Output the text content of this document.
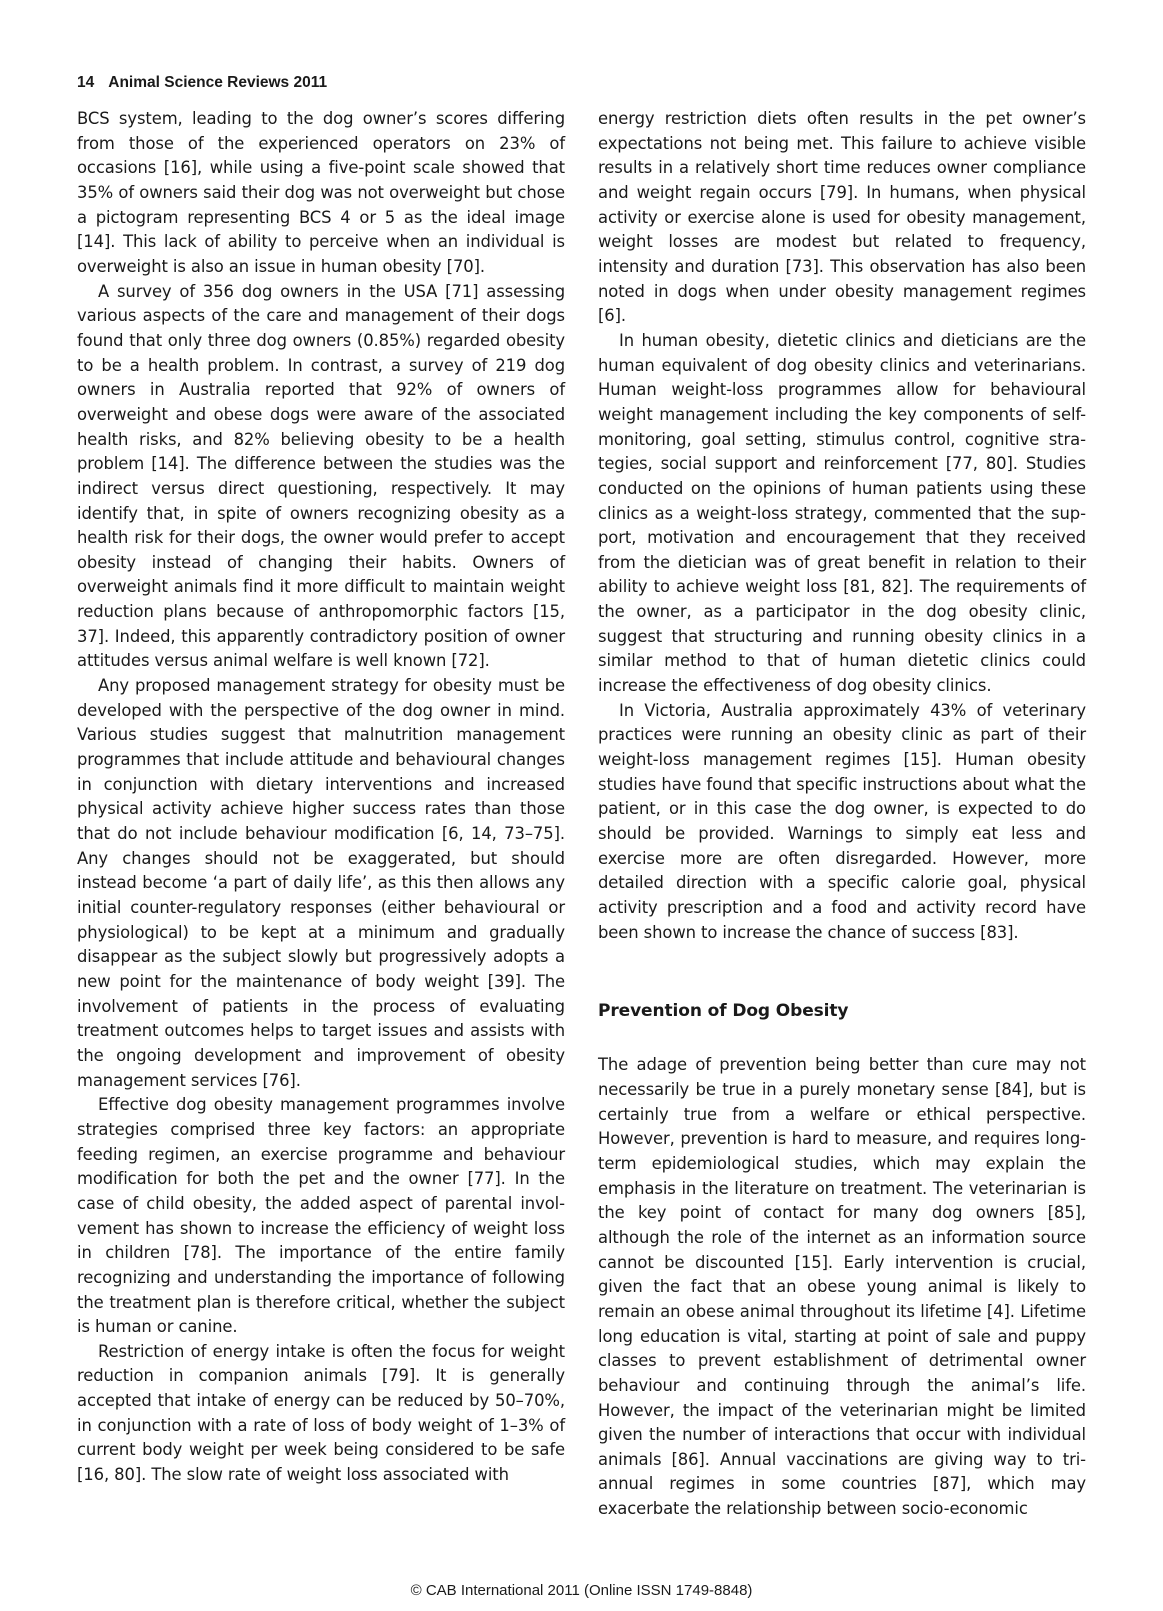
14 Animal Science Reviews 2011

BCS system, leading to the dog owner’s scores differing from those of the experienced operators on 23% of occasions [16], while using a five-point scale showed that 35% of owners said their dog was not overweight but chose a pictogram representing BCS 4 or 5 as the ideal image [14]. This lack of ability to perceive when an individual is overweight is also an issue in human obesity [70].

A survey of 356 dog owners in the USA [71] assessing various aspects of the care and management of their dogs found that only three dog owners (0.85%) regarded obesity to be a health problem. In contrast, a survey of 219 dog owners in Australia reported that 92% of owners of overweight and obese dogs were aware of the associated health risks, and 82% believing obesity to be a health problem [14]. The difference between the studies was the indirect versus direct questioning, respectively. It may identify that, in spite of owners recognizing obesity as a health risk for their dogs, the owner would prefer to accept obesity instead of changing their habits. Owners of overweight animals find it more difficult to maintain weight reduction plans because of anthropomorphic factors [15, 37]. Indeed, this apparently contradictory position of owner attitudes versus animal welfare is well known [72].

Any proposed management strategy for obesity must be developed with the perspective of the dog owner in mind. Various studies suggest that malnutrition management programmes that include attitude and behavioural changes in conjunction with dietary interventions and increased physical activity achieve higher success rates than those that do not include behaviour modification [6, 14, 73–75]. Any changes should not be exaggerated, but should instead become ‘a part of daily life’, as this then allows any initial counter-regulatory responses (either behavioural or physiological) to be kept at a minimum and gradually disappear as the subject slowly but progressively adopts a new point for the maintenance of body weight [39]. The involvement of patients in the process of evaluating treatment outcomes helps to target issues and assists with the ongoing development and improvement of obesity management services [76].

Effective dog obesity management programmes involve strategies comprised three key factors: an appropriate feeding regimen, an exercise programme and behaviour modification for both the pet and the owner [77]. In the case of child obesity, the added aspect of parental involvement has shown to increase the efficiency of weight loss in children [78]. The importance of the entire family recognizing and understanding the importance of following the treatment plan is therefore critical, whether the subject is human or canine.

Restriction of energy intake is often the focus for weight reduction in companion animals [79]. It is generally accepted that intake of energy can be reduced by 50–70%, in conjunction with a rate of loss of body weight of 1–3% of current body weight per week being considered to be safe [16, 80]. The slow rate of weight loss associated with

energy restriction diets often results in the pet owner’s expectations not being met. This failure to achieve visible results in a relatively short time reduces owner compliance and weight regain occurs [79]. In humans, when physical activity or exercise alone is used for obesity management, weight losses are modest but related to frequency, intensity and duration [73]. This observation has also been noted in dogs when under obesity management regimes [6].

In human obesity, dietetic clinics and dieticians are the human equivalent of dog obesity clinics and veterinarians. Human weight-loss programmes allow for behavioural weight management including the key components of self-monitoring, goal setting, stimulus control, cognitive strategies, social support and reinforcement [77, 80]. Studies conducted on the opinions of human patients using these clinics as a weight-loss strategy, commented that the support, motivation and encouragement that they received from the dietician was of great benefit in relation to their ability to achieve weight loss [81, 82]. The requirements of the owner, as a participator in the dog obesity clinic, suggest that structuring and running obesity clinics in a similar method to that of human dietetic clinics could increase the effectiveness of dog obesity clinics.

In Victoria, Australia approximately 43% of veterinary practices were running an obesity clinic as part of their weight-loss management regimes [15]. Human obesity studies have found that specific instructions about what the patient, or in this case the dog owner, is expected to do should be provided. Warnings to simply eat less and exercise more are often disregarded. However, more detailed direction with a specific calorie goal, physical activity prescription and a food and activity record have been shown to increase the chance of success [83].

Prevention of Dog Obesity

The adage of prevention being better than cure may not necessarily be true in a purely monetary sense [84], but is certainly true from a welfare or ethical perspective. However, prevention is hard to measure, and requires long-term epidemiological studies, which may explain the emphasis in the literature on treatment. The veterinarian is the key point of contact for many dog owners [85], although the role of the internet as an information source cannot be discounted [15]. Early intervention is crucial, given the fact that an obese young animal is likely to remain an obese animal throughout its lifetime [4]. Lifetime long education is vital, starting at point of sale and puppy classes to prevent establishment of detrimental owner behaviour and continuing through the animal’s life. However, the impact of the veterinarian might be limited given the number of interactions that occur with individual animals [86]. Annual vaccinations are giving way to tri-annual regimes in some countries [87], which may exacerbate the relationship between socio-economic

© CAB International 2011 (Online ISSN 1749-8848)
